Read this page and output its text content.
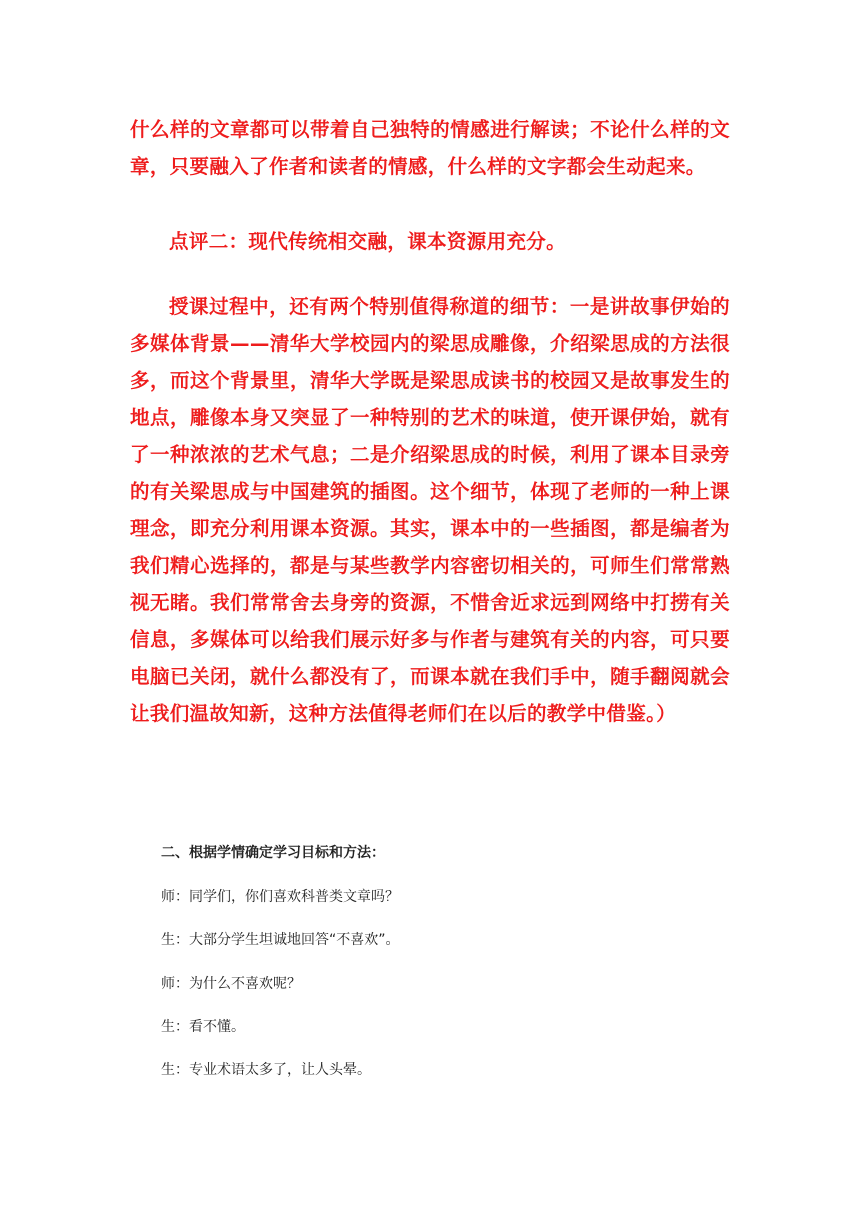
什么样的文章都可以带着自己独特的情感进行解读；不论什么样的文章，只要融入了作者和读者的情感，什么样的文字都会生动起来。

点评二：现代传统相交融，课本资源用充分。

授课过程中，还有两个特别值得称道的细节：一是讲故事伊始的多媒体背景——清华大学校园内的梁思成雕像，介绍梁思成的方法很多，而这个背景里，清华大学既是梁思成读书的校园又是故事发生的地点，雕像本身又突显了一种特别的艺术的味道，使开课伊始，就有了一种浓浓的艺术气息；二是介绍梁思成的时候，利用了课本目录旁的有关梁思成与中国建筑的插图。这个细节，体现了老师的一种上课理念，即充分利用课本资源。其实，课本中的一些插图，都是编者为我们精心选择的，都是与某些教学内容密切相关的，可师生们常常熟视无睹。我们常常舍去身旁的资源，不惜舍近求远到网络中打捞有关信息，多媒体可以给我们展示好多与作者与建筑有关的内容，可只要电脑已关闭，就什么都没有了，而课本就在我们手中，随手翻阅就会让我们温故知新，这种方法值得老师们在以后的教学中借鉴。）

二、根据学情确定学习目标和方法：

师：同学们，你们喜欢科普类文章吗？

生：大部分学生坦诚地回答“不喜欢”。

师：为什么不喜欢呢？

生：看不懂。

生：专业术语太多了，让人头晕。
